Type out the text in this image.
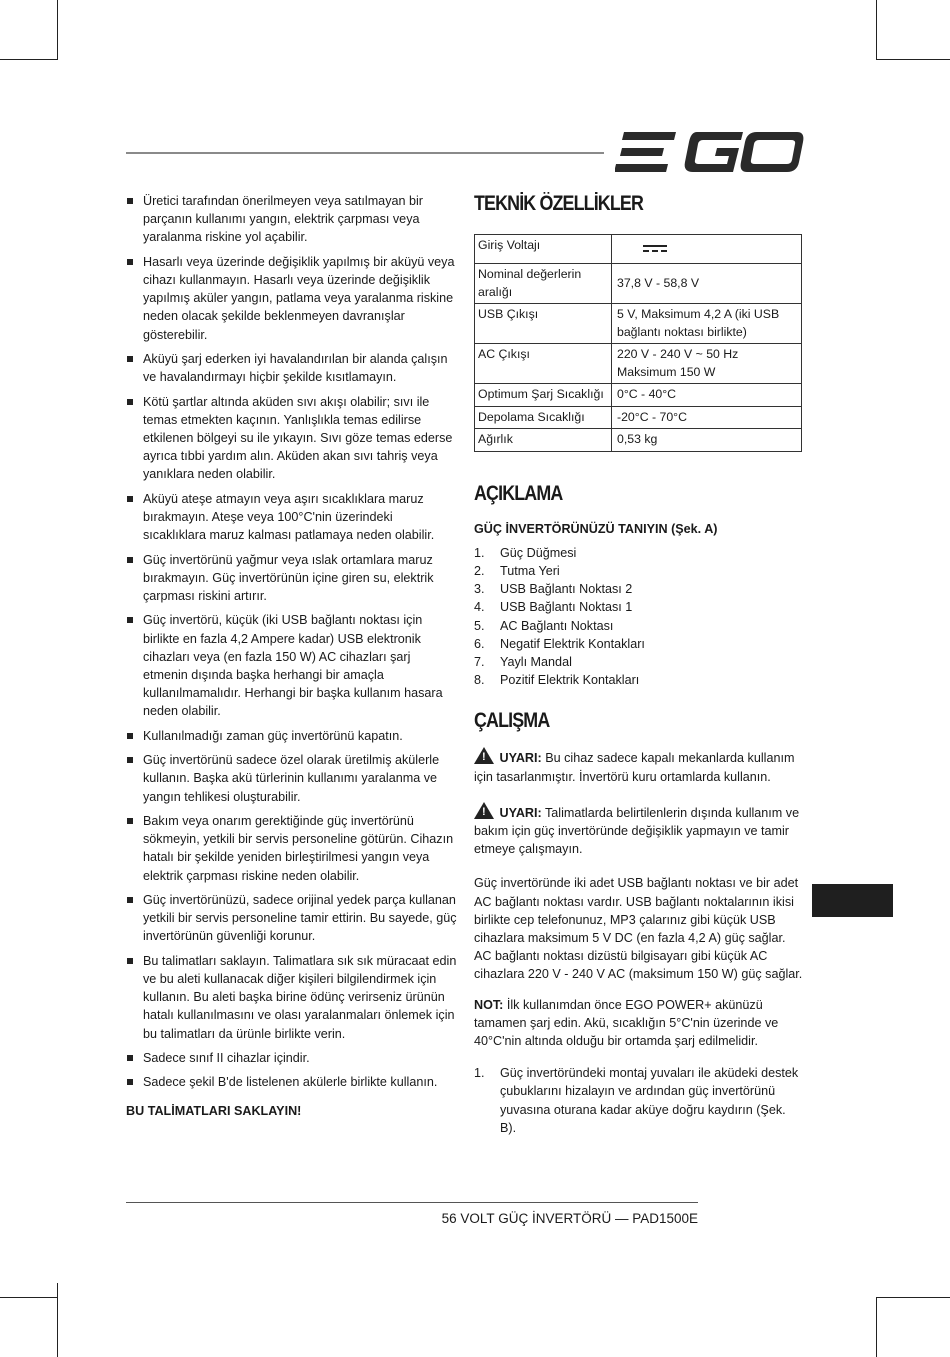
Üretici tarafından önerilmeyen veya satılmayan bir parçanın kullanımı yangın, elektrik çarpması veya yaralanma riskine yol açabilir.
Hasarlı veya üzerinde değişiklik yapılmış bir aküyü veya cihazı kullanmayın. Hasarlı veya üzerinde değişiklik yapılmış aküler yangın, patlama veya yaralanma riskine neden olacak şekilde beklenmeyen davranışlar gösterebilir.
Aküyü şarj ederken iyi havalandırılan bir alanda çalışın ve havalandırmayı hiçbir şekilde kısıtlamayın.
Kötü şartlar altında aküden sıvı akışı olabilir; sıvı ile temas etmekten kaçının. Yanlışlıkla temas edilirse etkilenen bölgeyi su ile yıkayın. Sıvı göze temas ederse ayrıca tıbbi yardım alın. Aküden akan sıvı tahriş veya yanıklara neden olabilir.
Aküyü ateşe atmayın veya aşırı sıcaklıklara maruz bırakmayın. Ateşe veya 100°C'nin üzerindeki sıcaklıklara maruz kalması patlamaya neden olabilir.
Güç invertörünü yağmur veya ıslak ortamlara maruz bırakmayın. Güç invertörünün içine giren su, elektrik çarpması riskini artırır.
Güç invertörü, küçük (iki USB bağlantı noktası için birlikte en fazla 4,2 Ampere kadar) USB elektronik cihazları veya (en fazla 150 W) AC cihazları şarj etmenin dışında başka herhangi bir amaçla kullanılmamalıdır. Herhangi bir başka kullanım hasara neden olabilir.
Kullanılmadığı zaman güç invertörünü kapatın.
Güç invertörünü sadece özel olarak üretilmiş akülerle kullanın. Başka akü türlerinin kullanımı yaralanma ve yangın tehlikesi oluşturabilir.
Bakım veya onarım gerektiğinde güç invertörünü sökmeyin, yetkili bir servis personeline götürün. Cihazın hatalı bir şekilde yeniden birleştirilmesi yangın veya elektrik çarpması riskine neden olabilir.
Güç invertörünüzü, sadece orijinal yedek parça kullanan yetkili bir servis personeline tamir ettirin. Bu sayede, güç invertörünün güvenliği korunur.
Bu talimatları saklayın. Talimatlara sık sık müracaat edin ve bu aleti kullanacak diğer kişileri bilgilendirmek için kullanın. Bu aleti başka birine ödünç verirseniz ürünün hatalı kullanılmasını ve olası yaralanmaları önlemek için bu talimatları da ürünle birlikte verin.
Sadece sınıf II cihazlar içindir.
Sadece şekil B'de listelenen akülerle birlikte kullanın.
BU TALİMATLARI SAKLAYIN!
TEKNİK ÖZELLİKLER
Giriş Voltajı	
Nominal değerlerin aralığı	37,8 V - 58,8 V
USB Çıkışı	5 V, Maksimum 4,2 A (iki USB bağlantı noktası birlikte)
AC Çıkışı	220 V - 240 V ~ 50 Hz Maksimum 150 W
Optimum Şarj Sıcaklığı	0°C - 40°C
Depolama Sıcaklığı	-20°C - 70°C
Ağırlık	0,53 kg
AÇIKLAMA
GÜÇ İNVERTÖRÜNÜZÜ TANIYIN (Şek. A)
1.	Güç Düğmesi
2.	Tutma Yeri
3.	USB Bağlantı Noktası 2
4.	USB Bağlantı Noktası 1
5.	AC Bağlantı Noktası
6.	Negatif Elektrik Kontakları
7.	Yaylı Mandal
8.	Pozitif Elektrik Kontakları
ÇALIŞMA

! UYARI: Bu cihaz sadece kapalı mekanlarda kullanım için tasarlanmıştır. İnvertörü kuru ortamlarda kullanın.

! UYARI: Talimatlarda belirtilenlerin dışında kullanım ve bakım için güç invertöründe değişiklik yapmayın ve tamir etmeye çalışmayın.

Güç invertöründe iki adet USB bağlantı noktası ve bir adet AC bağlantı noktası vardır. USB bağlantı noktalarının ikisi birlikte cep telefonunuz, MP3 çalarınız gibi küçük USB cihazlara maksimum 5 V DC (en fazla 4,2 A) güç sağlar. AC bağlantı noktası dizüstü bilgisayarı gibi küçük AC cihazlara 220 V - 240 V AC (maksimum 150 W) güç sağlar.

NOT: İlk kullanımdan önce EGO POWER+ akünüzü tamamen şarj edin. Akü, sıcaklığın 5°C'nin üzerinde ve 40°C'nin altında olduğu bir ortamda şarj edilmelidir.

1.	Güç invertöründeki montaj yuvaları ile aküdeki destek çubuklarını hizalayın ve ardından güç invertörünü yuvasına oturana kadar aküye doğru kaydırın (Şek. B).
56 VOLT GÜÇ İNVERTÖRÜ — PAD1500E
